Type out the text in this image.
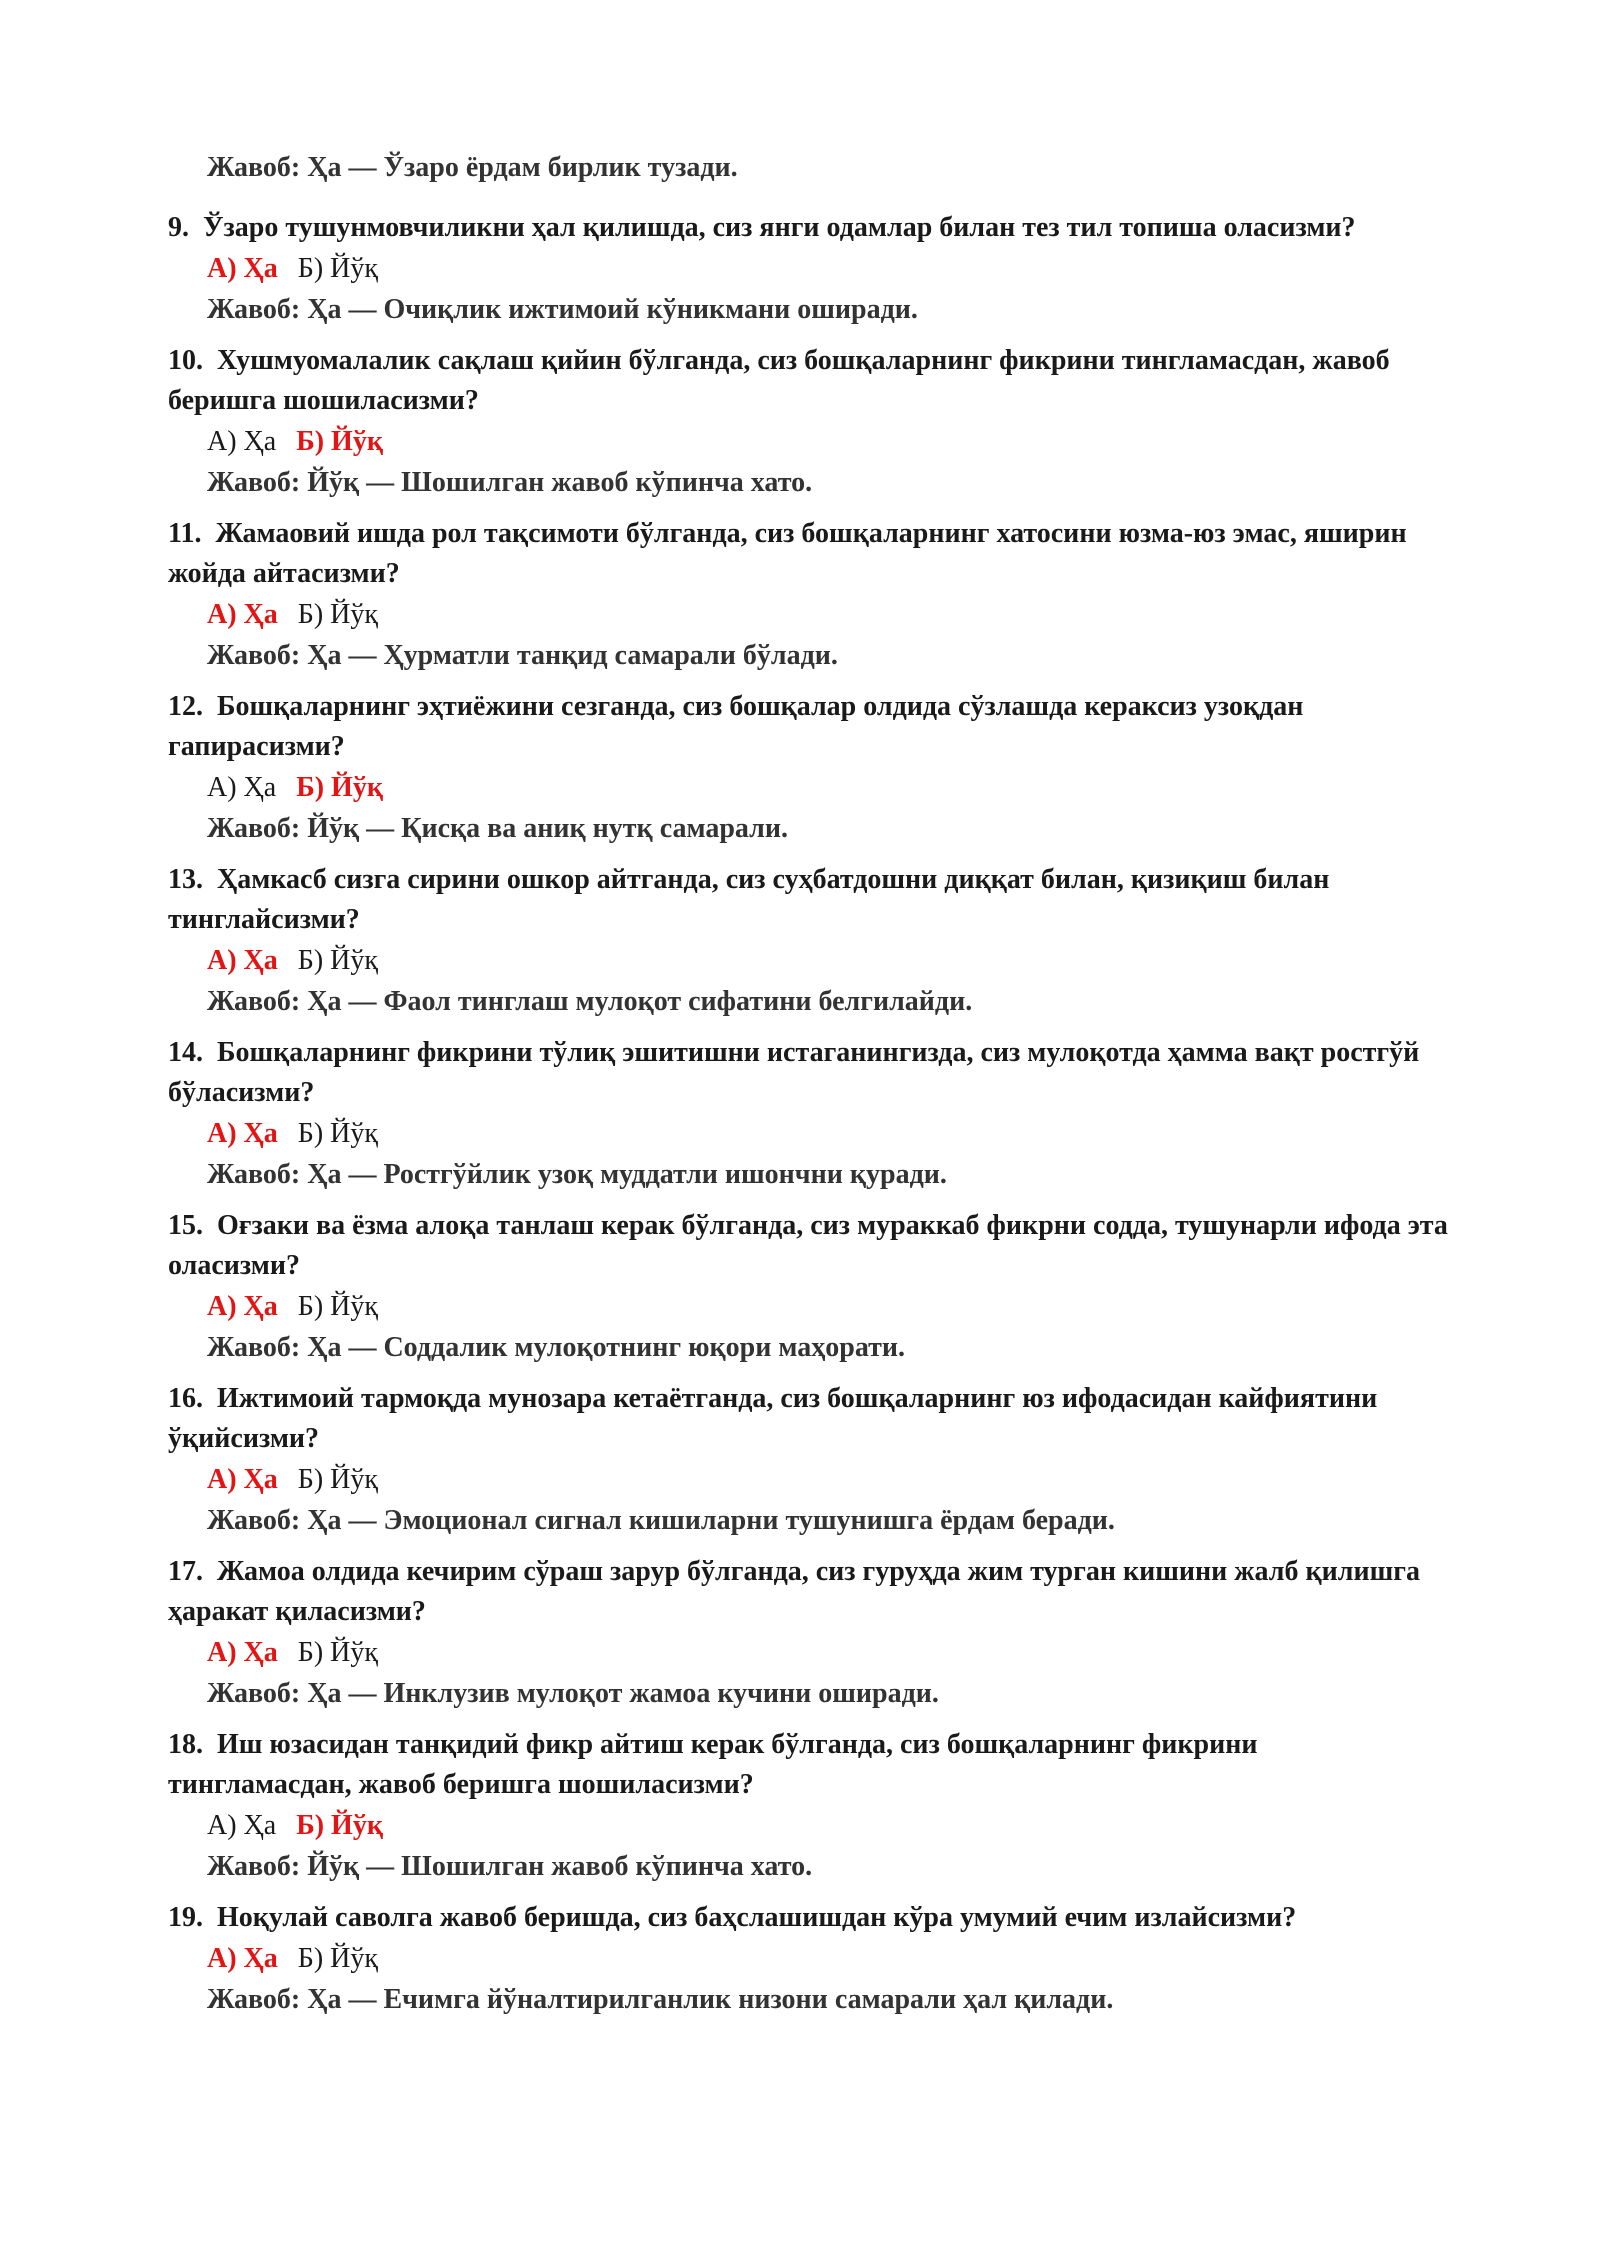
Жавоб: Ҳа — Ўзаро ёрдам бирлик тузади.

9. Ўзаро тушунмовчиликни ҳал қилишда, сиз янги одамлар билан тез тил топиша оласизми?

А) Ҳа Б) Йўқ
Жавоб: Ҳа — Очиқлик ижтимоий кўникмани оширади.

10. Хушмуомалалик сақлаш қийин бўлганда, сиз бошқаларнинг фикрини тингламасдан, жавоб беришга шошиласизми?

А) Ҳа Б) Йўқ
Жавоб: Йўқ — Шошилган жавоб кўпинча хато.

11. Жамаовий ишда рол тақсимоти бўлганда, сиз бошқаларнинг хатосини юзма-юз эмас, яширин жойда айтасизми?

А) Ҳа Б) Йўқ
Жавоб: Ҳа — Ҳурматли танқид самарали бўлади.

12. Бошқаларнинг эҳтиёжини сезганда, сиз бошқалар олдида сўзлашда кераксиз узоқдан гапирасизми?

А) Ҳа Б) Йўқ
Жавоб: Йўқ — Қисқа ва аниқ нутқ самарали.

13. Ҳамкасб сизга сирини ошкор айтганда, сиз суҳбатдошни диққат билан, қизиқиш билан тинглайсизми?

А) Ҳа Б) Йўқ
Жавоб: Ҳа — Фаол тинглаш мулоқот сифатини белгилайди.

14. Бошқаларнинг фикрини тўлиқ эшитишни истаганингизда, сиз мулоқотда ҳамма вақт ростгўй бўласизми?

А) Ҳа Б) Йўқ
Жавоб: Ҳа — Ростгўйлик узоқ муддатли ишончни қуради.

15. Оғзаки ва ёзма алоқа танлаш керак бўлганда, сиз мураккаб фикрни содда, тушунарли ифода эта оласизми?

А) Ҳа Б) Йўқ
Жавоб: Ҳа — Соддалик мулоқотнинг юқори маҳорати.

16. Ижтимоий тармоқда мунозара кетаётганда, сиз бошқаларнинг юз ифодасидан кайфиятини ўқийсизми?

А) Ҳа Б) Йўқ
Жавоб: Ҳа — Эмоционал сигнал кишиларни тушунишга ёрдам беради.

17. Жамоа олдида кечирим сўраш зарур бўлганда, сиз гуруҳда жим турган кишини жалб қилишга ҳаракат қиласизми?

А) Ҳа Б) Йўқ
Жавоб: Ҳа — Инклузив мулоқот жамоа кучини оширади.

18. Иш юзасидан танқидий фикр айтиш керак бўлганда, сиз бошқаларнинг фикрини тингламасдан, жавоб беришга шошиласизми?

А) Ҳа Б) Йўқ
Жавоб: Йўқ — Шошилган жавоб кўпинча хато.

19. Ноқулай саволга жавоб беришда, сиз баҳслашишдан кўра умумий ечим излайсизми?

А) Ҳа Б) Йўқ
Жавоб: Ҳа — Ечимга йўналтирилганлик низони самарали ҳал қилади.
